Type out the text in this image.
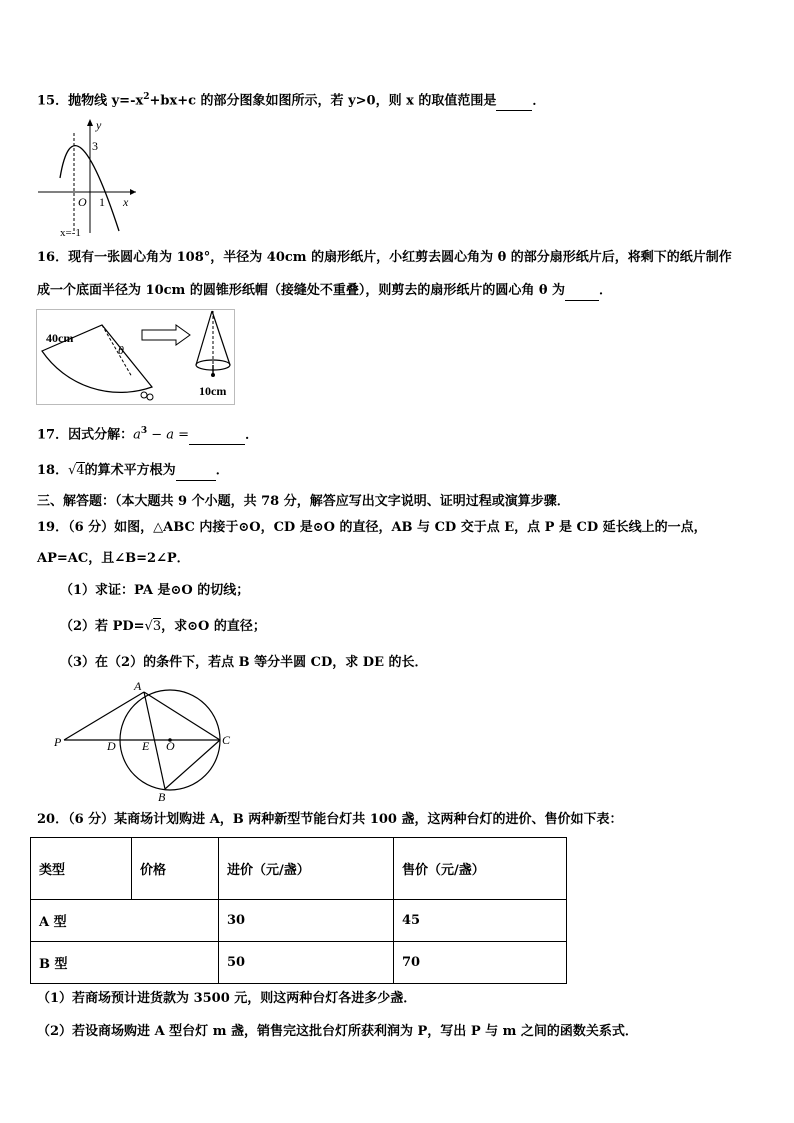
15．抛物线 $y=-x^2+bx+c$ 的部分图象如图所示，若 y>0，则 x 的取值范围是	．
y
x
3
O 1
x=-1
16．现有一张圆心角为 108°，半径为 40cm 的扇形纸片，小红剪去圆心角为 θ 的部分扇形纸片后，将剩下的纸片制作
成一个底面半径为 10cm 的圆锥形纸帽（接缝处不重叠），则剪去的扇形纸片的圆心角 θ 为	．
40cm
θ
10cm
17．因式分解：$a^3 - a$ =	．
18．√4的算术平方根为	．
三、解答题：（本大题共 9 个小题，共 78 分，解答应写出文字说明、证明过程或演算步骤．
19．（6 分）如图，△ABC 内接于⊙O，CD 是⊙O 的直径，AB 与 CD 交于点 E，点 P 是 CD 延长线上的一点，
AP=AC，且∠B=2∠P．
（1）求证：PA 是⊙O 的切线；
（2）若 PD=√3，求⊙O 的直径；
（3）在（2）的条件下，若点 B 等分半圆 CD，求 DE 的长．
A
P	D E O	C
B
20．（6 分）某商场计划购进 A，B 两种新型节能台灯共 100 盏，这两种台灯的进价、售价如下表：
类型	价格	进价（元/盏）	售价（元/盏）
A 型		30	45
B 型		50	70
（1）若商场预计进货款为 3500 元，则这两种台灯各进多少盏．
（2）若设商场购进 A 型台灯 m 盏，销售完这批台灯所获利润为 P，写出 P 与 m 之间的函数关系式．
